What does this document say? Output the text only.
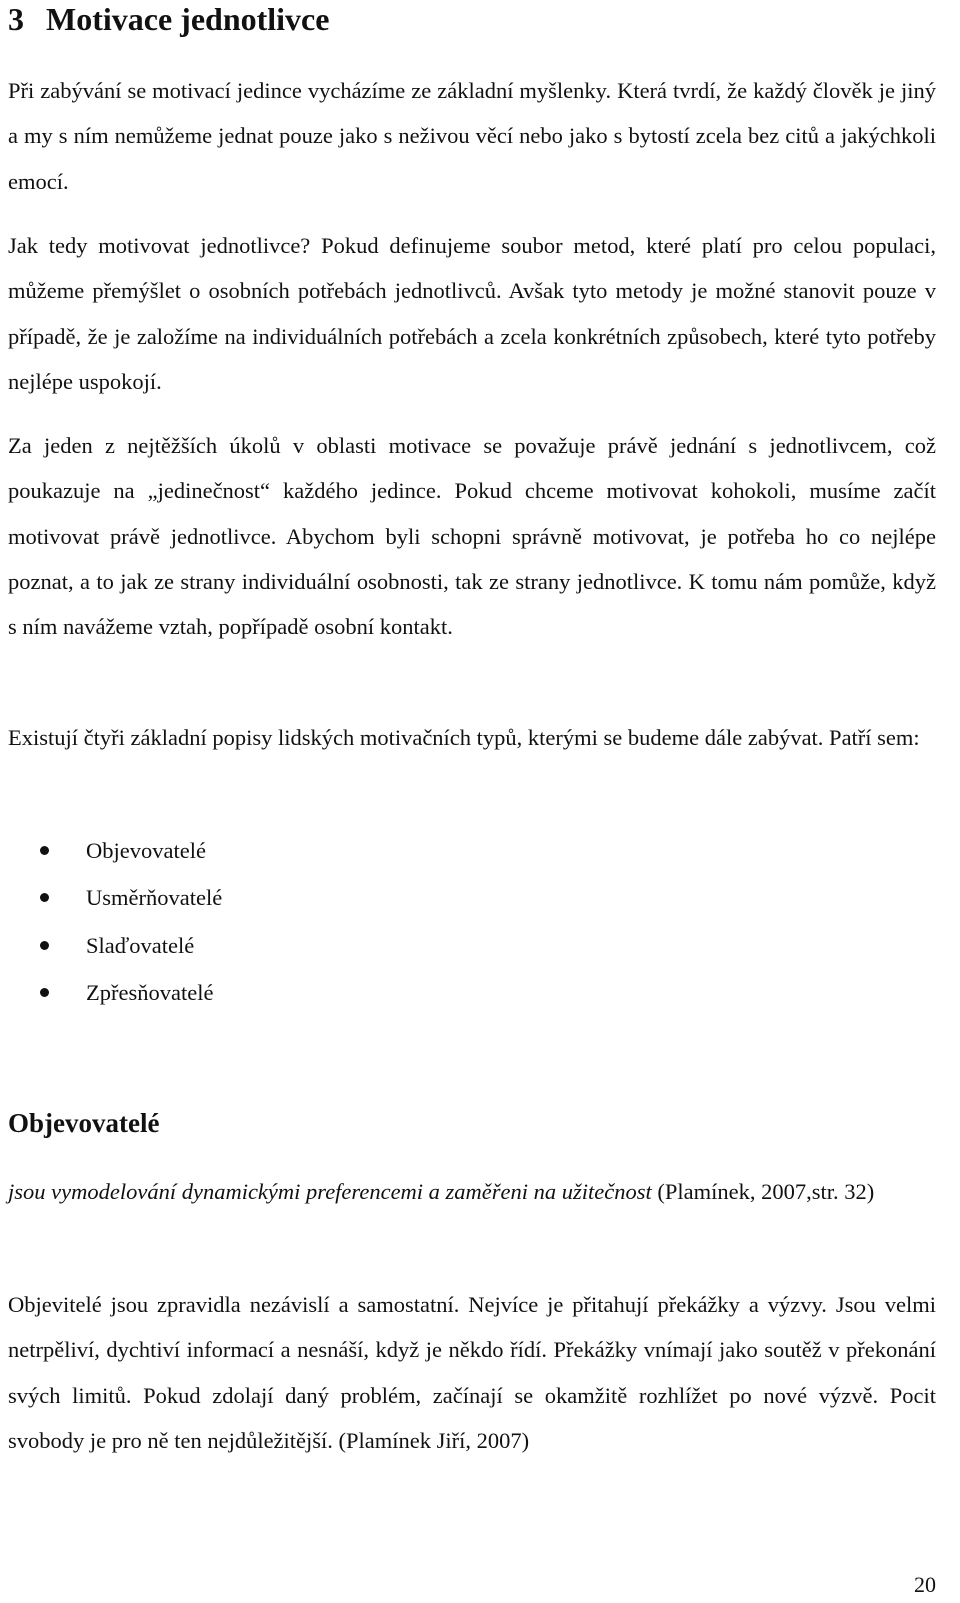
3 Motivace jednotlivce

Při zabývání se motivací jedince vycházíme ze základní myšlenky. Která tvrdí, že každý člověk je jiný a my s ním nemůžeme jednat pouze jako s neživou věcí nebo jako s bytostí zcela bez citů a jakýchkoli emocí.

Jak tedy motivovat jednotlivce? Pokud definujeme soubor metod, které platí pro celou populaci, můžeme přemýšlet o osobních potřebách jednotlivců. Avšak tyto metody je možné stanovit pouze v případě, že je založíme na individuálních potřebách a zcela konkrétních způsobech, které tyto potřeby nejlépe uspokojí.

Za jeden z nejtěžších úkolů v oblasti motivace se považuje právě jednání s jednotlivcem, což poukazuje na „jedinečnost“ každého jedince. Pokud chceme motivovat kohokoli, musíme začít motivovat právě jednotlivce. Abychom byli schopni správně motivovat, je potřeba ho co nejlépe poznat, a to jak ze strany individuální osobnosti, tak ze strany jednotlivce. K tomu nám pomůže, když s ním navážeme vztah, popřípadě osobní kontakt.

Existují čtyři základní popisy lidských motivačních typů, kterými se budeme dále zabývat. Patří sem:

Objevovatelé
Usměrňovatelé
Slaďovatelé
Zpřesňovatelé
Objevovatelé

jsou vymodelování dynamickými preferencemi a zaměřeni na užitečnost (Plamínek, 2007,str. 32)

Objevitelé jsou zpravidla nezávislí a samostatní. Nejvíce je přitahují překážky a výzvy. Jsou velmi netrpěliví, dychtiví informací a nesnáší, když je někdo řídí. Překážky vnímají jako soutěž v překonání svých limitů. Pokud zdolají daný problém, začínají se okamžitě rozhlížet po nové výzvě. Pocit svobody je pro ně ten nejdůležitější. (Plamínek Jiří, 2007)

20
